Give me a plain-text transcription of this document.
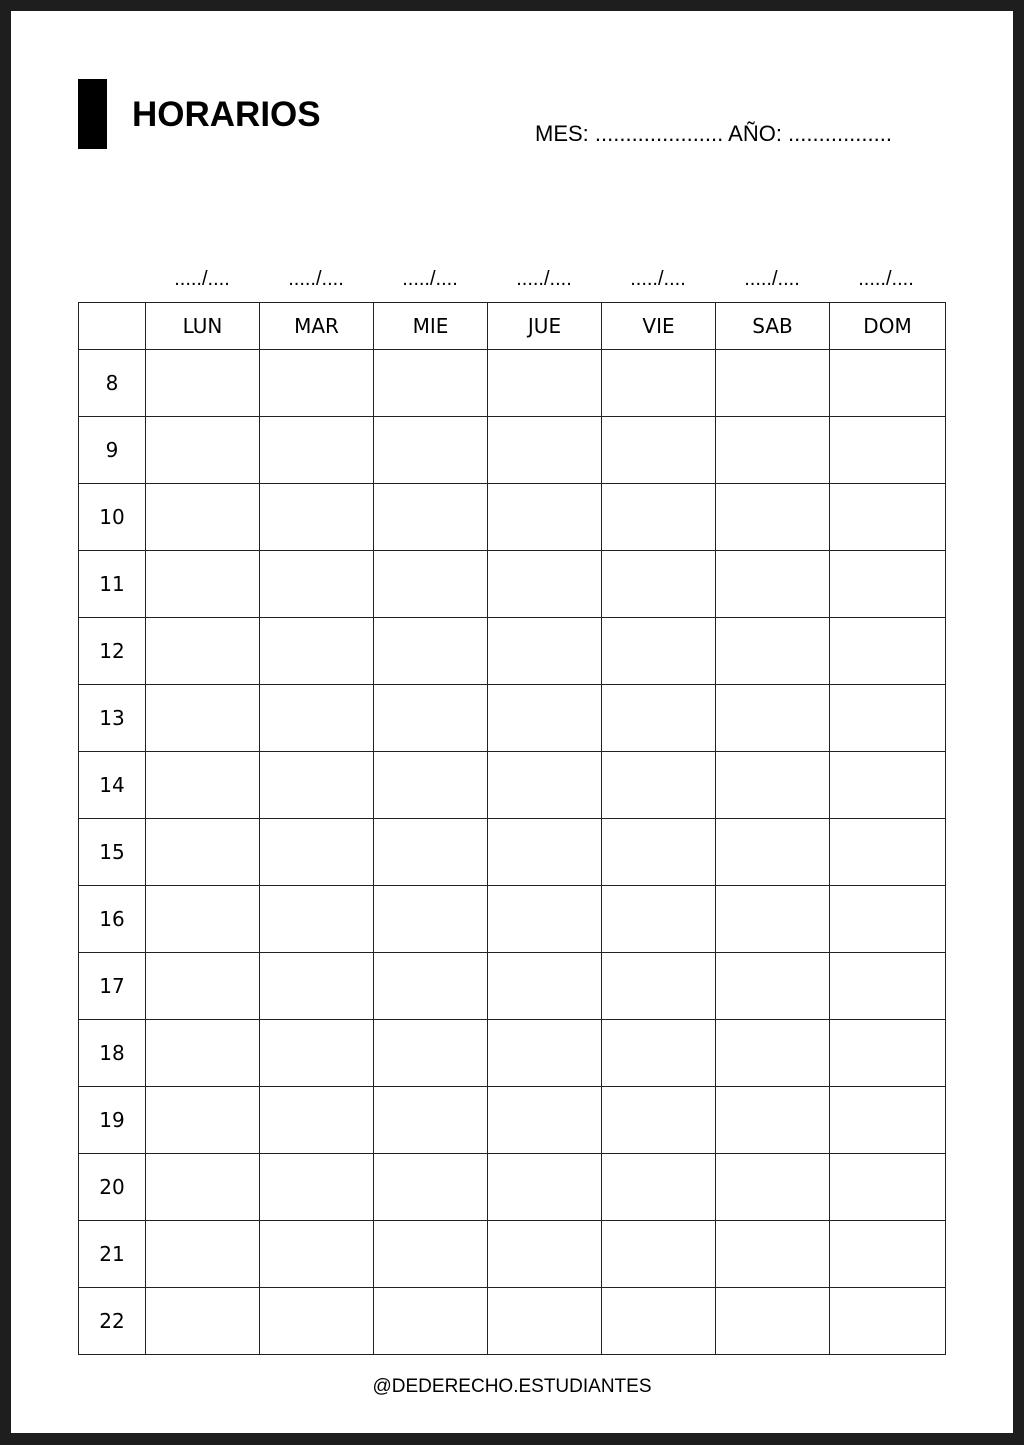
HORARIOS	MES: ..................... AÑO: .................
...../....	...../....	...../....	...../....	...../....	...../....	...../....
	LUN	MAR	MIE	JUE	VIE	SAB	DOM
8							
9							
10							
11							
12							
13							
14							
15							
16							
17							
18							
19							
20							
21							
22							
@DEDERECHO.ESTUDIANTES
